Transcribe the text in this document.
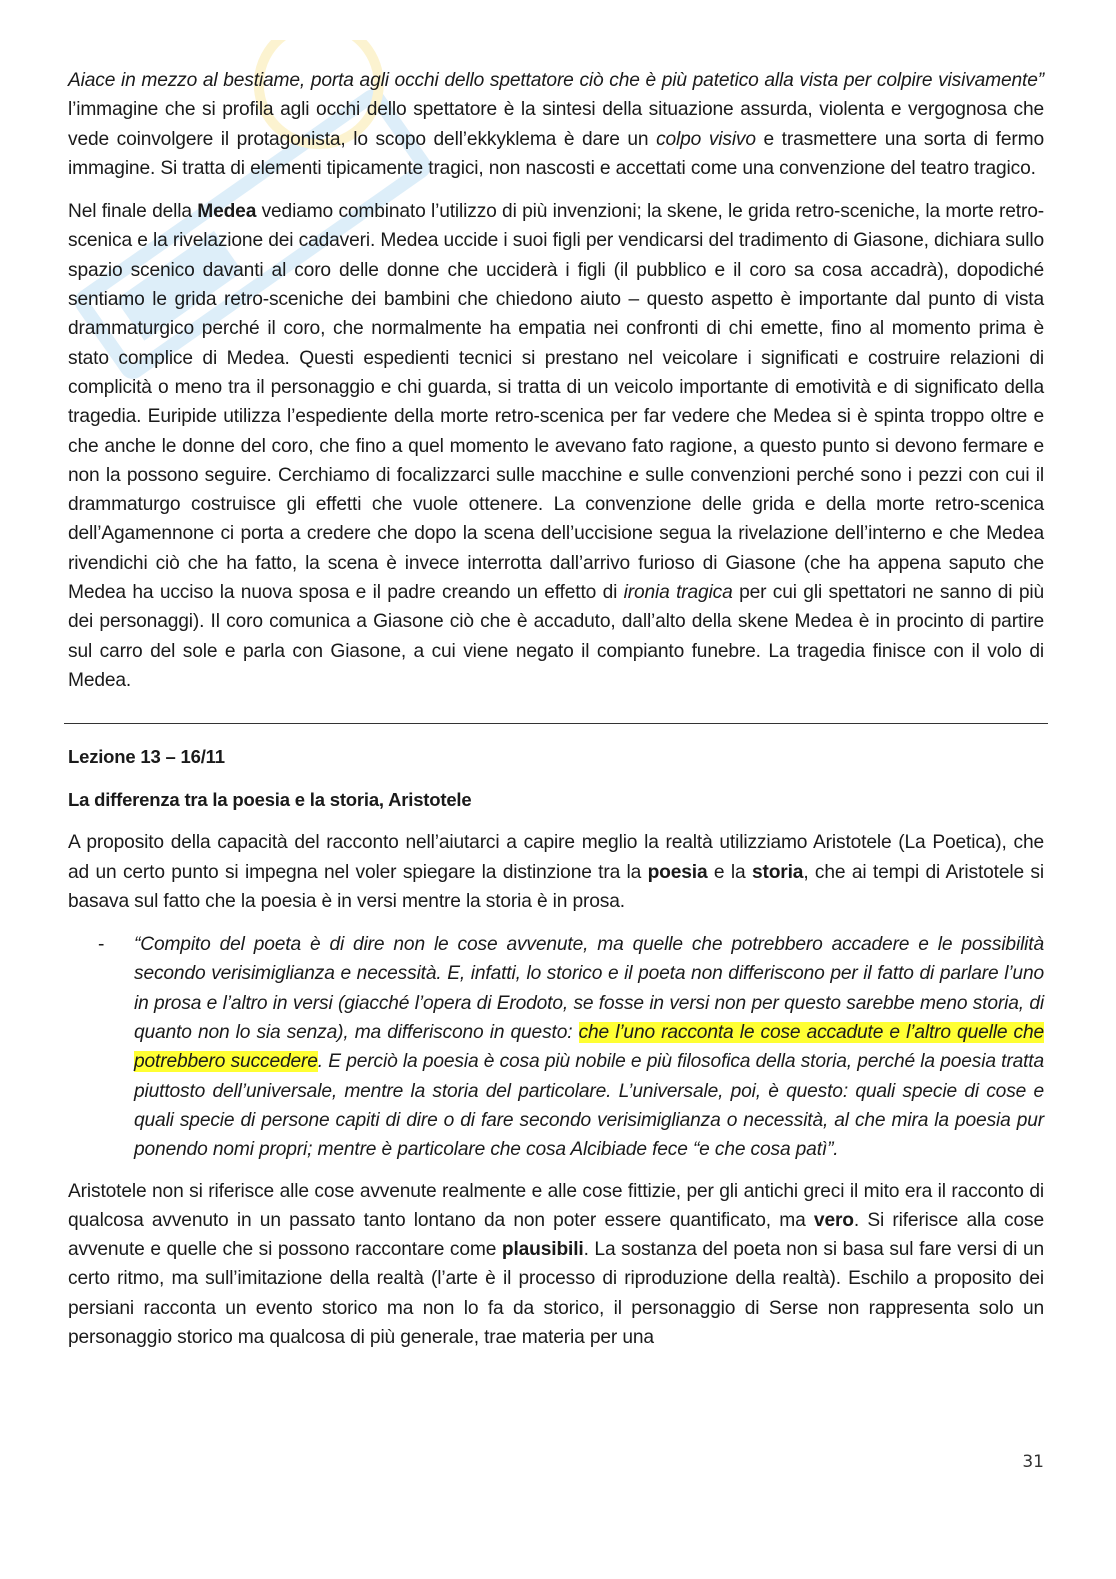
Aiace in mezzo al bestiame, porta agli occhi dello spettatore ciò che è più patetico alla vista per colpire visivamente” l’immagine che si profila agli occhi dello spettatore è la sintesi della situazione assurda, violenta e vergognosa che vede coinvolgere il protagonista, lo scopo dell’ekkyklema è dare un colpo visivo e trasmettere una sorta di fermo immagine. Si tratta di elementi tipicamente tragici, non nascosti e accettati come una convenzione del teatro tragico.

Nel finale della Medea vediamo combinato l’utilizzo di più invenzioni; la skene, le grida retro-sceniche, la morte retro-scenica e la rivelazione dei cadaveri. Medea uccide i suoi figli per vendicarsi del tradimento di Giasone, dichiara sullo spazio scenico davanti al coro delle donne che ucciderà i figli (il pubblico e il coro sa cosa accadrà), dopodiché sentiamo le grida retro-sceniche dei bambini che chiedono aiuto – questo aspetto è importante dal punto di vista drammaturgico perché il coro, che normalmente ha empatia nei confronti di chi emette, fino al momento prima è stato complice di Medea. Questi espedienti tecnici si prestano nel veicolare i significati e costruire relazioni di complicità o meno tra il personaggio e chi guarda, si tratta di un veicolo importante di emotività e di significato della tragedia. Euripide utilizza l’espediente della morte retro-scenica per far vedere che Medea si è spinta troppo oltre e che anche le donne del coro, che fino a quel momento le avevano fato ragione, a questo punto si devono fermare e non la possono seguire. Cerchiamo di focalizzarci sulle macchine e sulle convenzioni perché sono i pezzi con cui il drammaturgo costruisce gli effetti che vuole ottenere. La convenzione delle grida e della morte retro-scenica dell’Agamennone ci porta a credere che dopo la scena dell’uccisione segua la rivelazione dell’interno e che Medea rivendichi ciò che ha fatto, la scena è invece interrotta dall’arrivo furioso di Giasone (che ha appena saputo che Medea ha ucciso la nuova sposa e il padre creando un effetto di ironia tragica per cui gli spettatori ne sanno di più dei personaggi). Il coro comunica a Giasone ciò che è accaduto, dall’alto della skene Medea è in procinto di partire sul carro del sole e parla con Giasone, a cui viene negato il compianto funebre. La tragedia finisce con il volo di Medea.

Lezione 13 – 16/11
La differenza tra la poesia e la storia, Aristotele

A proposito della capacità del racconto nell’aiutarci a capire meglio la realtà utilizziamo Aristotele (La Poetica), che ad un certo punto si impegna nel voler spiegare la distinzione tra la poesia e la storia, che ai tempi di Aristotele si basava sul fatto che la poesia è in versi mentre la storia è in prosa.

-	“Compito del poeta è di dire non le cose avvenute, ma quelle che potrebbero accadere e le possibilità secondo verisimiglianza e necessità. E, infatti, lo storico e il poeta non differiscono per il fatto di parlare l’uno in prosa e l’altro in versi (giacché l’opera di Erodoto, se fosse in versi non per questo sarebbe meno storia, di quanto non lo sia senza), ma differiscono in questo: che l’uno racconta le cose accadute e l’altro quelle che potrebbero succedere. E perciò la poesia è cosa più nobile e più filosofica della storia, perché la poesia tratta piuttosto dell’universale, mentre la storia del particolare. L’universale, poi, è questo: quali specie di cose e quali specie di persone capiti di dire o di fare secondo verisimiglianza o necessità, al che mira la poesia pur ponendo nomi propri; mentre è particolare che cosa Alcibiade fece “e che cosa patì”.

Aristotele non si riferisce alle cose avvenute realmente e alle cose fittizie, per gli antichi greci il mito era il racconto di qualcosa avvenuto in un passato tanto lontano da non poter essere quantificato, ma vero. Si riferisce alla cose avvenute e quelle che si possono raccontare come plausibili. La sostanza del poeta non si basa sul fare versi di un certo ritmo, ma sull’imitazione della realtà (l’arte è il processo di riproduzione della realtà). Eschilo a proposito dei persiani racconta un evento storico ma non lo fa da storico, il personaggio di Serse non rappresenta solo un personaggio storico ma qualcosa di più generale, trae materia per una

31
